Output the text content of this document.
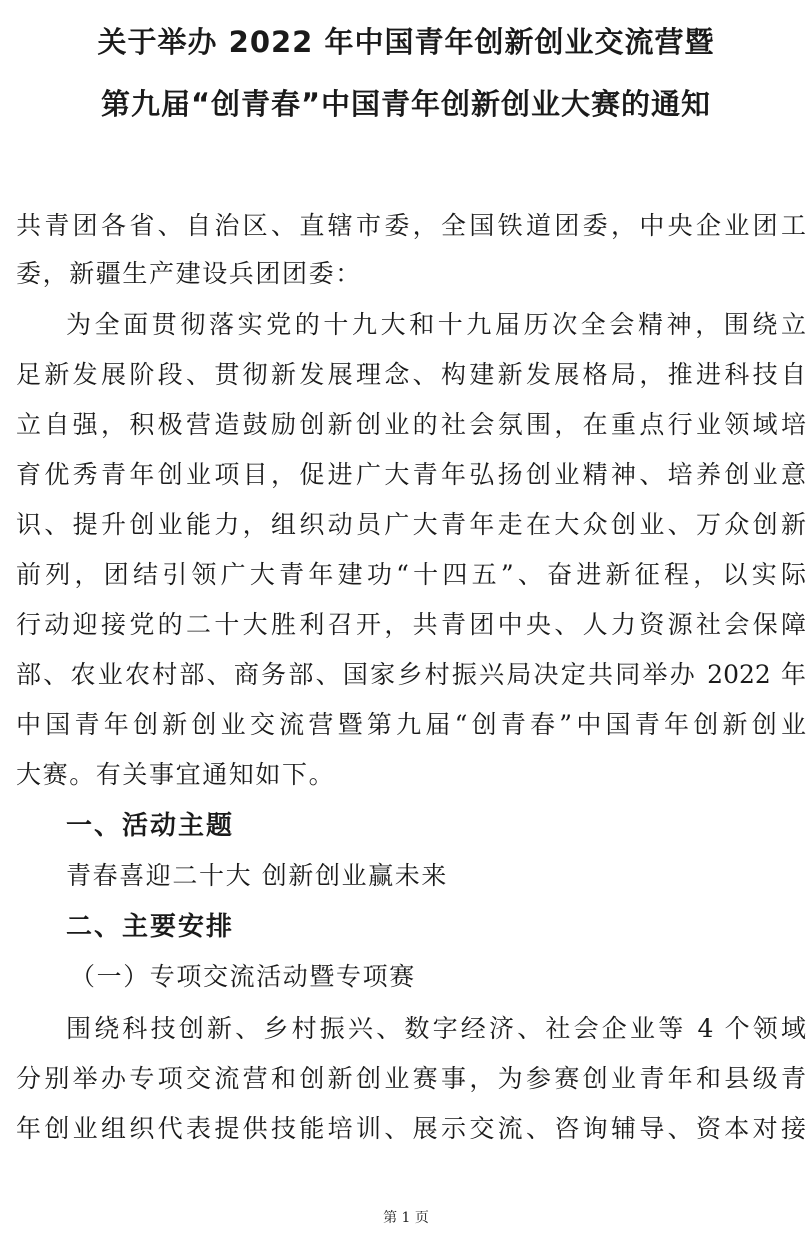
关于举办 2022 年中国青年创新创业交流营暨
第九届“创青春”中国青年创新创业大赛的通知
共青团各省、自治区、直辖市委，全国铁道团委，中央企业团工
委，新疆生产建设兵团团委：
为全面贯彻落实党的十九大和十九届历次全会精神，围绕立
足新发展阶段、贯彻新发展理念、构建新发展格局，推进科技自
立自强，积极营造鼓励创新创业的社会氛围，在重点行业领域培
育优秀青年创业项目，促进广大青年弘扬创业精神、培养创业意
识、提升创业能力，组织动员广大青年走在大众创业、万众创新
前列，团结引领广大青年建功“十四五”、奋进新征程，以实际
行动迎接党的二十大胜利召开，共青团中央、人力资源社会保障
部、农业农村部、商务部、国家乡村振兴局决定共同举办 2022 年
中国青年创新创业交流营暨第九届“创青春”中国青年创新创业
大赛。有关事宜通知如下。
一、活动主题
青春喜迎二十大 创新创业赢未来
二、主要安排
（一）专项交流活动暨专项赛
围绕科技创新、乡村振兴、数字经济、社会企业等 4 个领域
分别举办专项交流营和创新创业赛事，为参赛创业青年和县级青
年创业组织代表提供技能培训、展示交流、咨询辅导、资本对接
第 1 页
